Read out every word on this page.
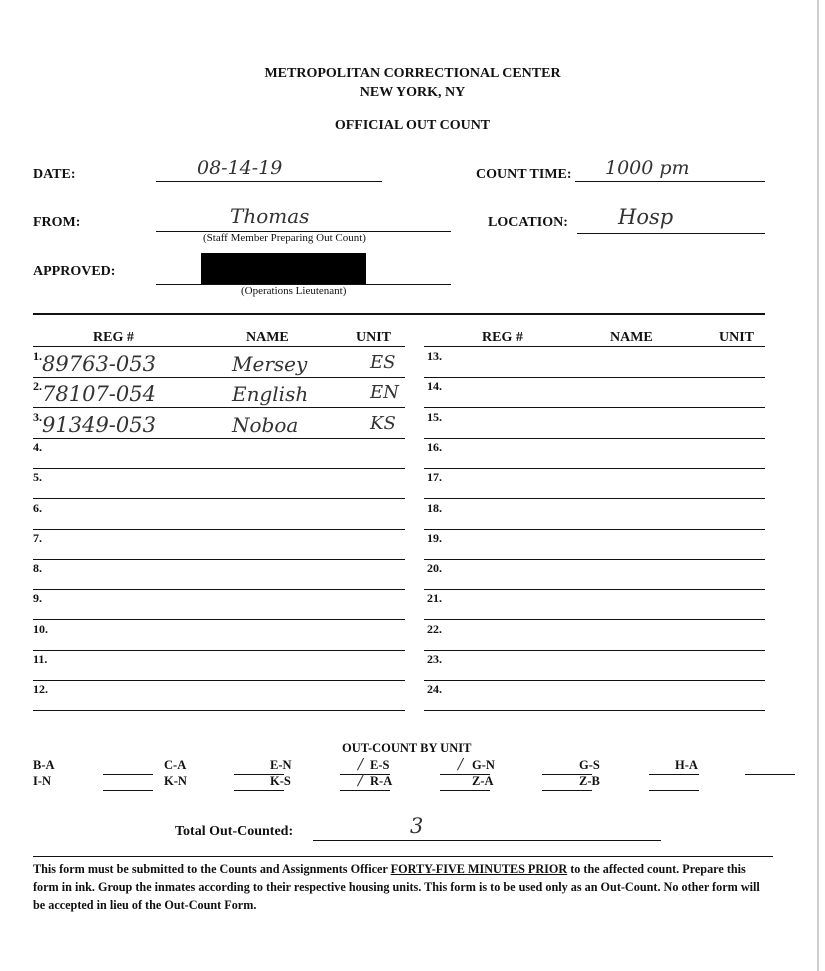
METROPOLITAN CORRECTIONAL CENTER
NEW YORK, NY
OFFICIAL OUT COUNT
DATE:	08-14-19	COUNT TIME: 1000 pm
FROM:	Thomas
(Staff Member Preparing Out Count)
LOCATION: Hosp
APPROVED:
(Operations Lieutenant)
REG #	NAME	UNIT	REG #	NAME	UNIT
1. 89763-053	Mersey	ES
2. 78107-054	English	EN
3. 91349-053	Noboa	KS
4.
5.
6.
7.
8.
9.
10.
11.
12.
13.
14.
15.
16.
17.
18.
19.
20.
21.
22.
23.
24.
OUT-COUNT BY UNIT
B-A	C-A	E-N	/ E-S	/ G-N	G-S	H-A
I-N	K-N	K-S	/ R-A	Z-A	Z-B
Total Out-Counted:	3
This form must be submitted to the Counts and Assignments Officer FORTY-FIVE MINUTES PRIOR to the affected count. Prepare this form in ink. Group the inmates according to their respective housing units. This form is to be used only as an Out-Count. No other form will be accepted in lieu of the Out-Count Form.
